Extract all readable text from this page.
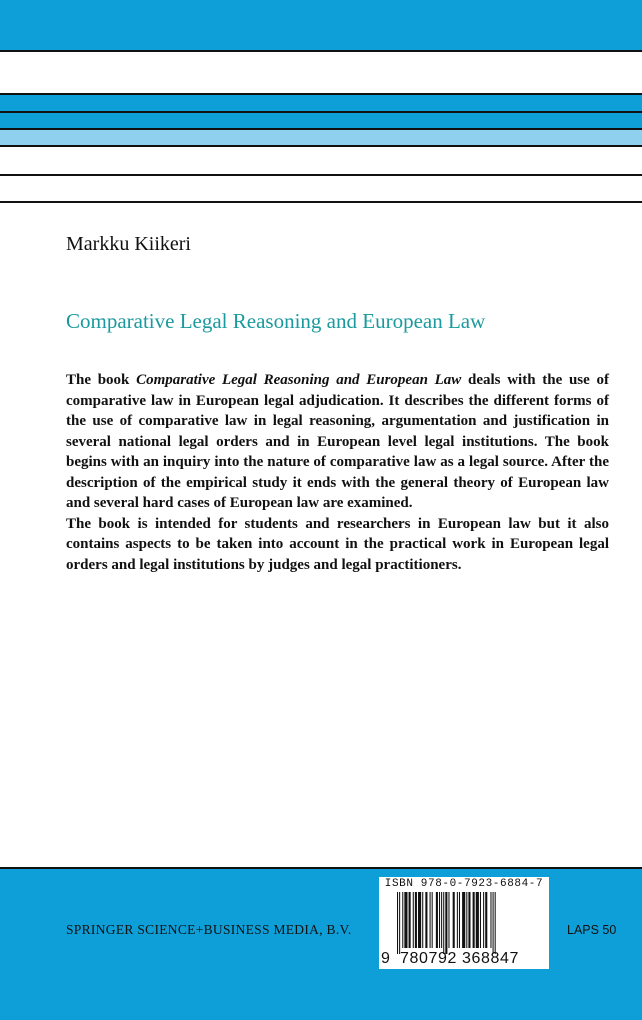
Markku Kiikeri
Comparative Legal Reasoning and European Law

The book Comparative Legal Reasoning and European Law deals with the use of comparative law in European legal adjudication. It describes the different forms of the use of comparative law in legal reasoning, argumentation and justification in several national legal orders and in European level legal institutions. The book begins with an inquiry into the nature of comparative law as a legal source. After the description of the empirical study it ends with the general theory of European law and several hard cases of European law are examined.

The book is intended for students and researchers in European law but it also contains aspects to be taken into account in the practical work in European legal orders and legal institutions by judges and legal practitioners.

SPRINGER SCIENCE+BUSINESS MEDIA, B.V.	LAPS 50
ISBN 978-0-7923-6884-7
9 780792 368847
